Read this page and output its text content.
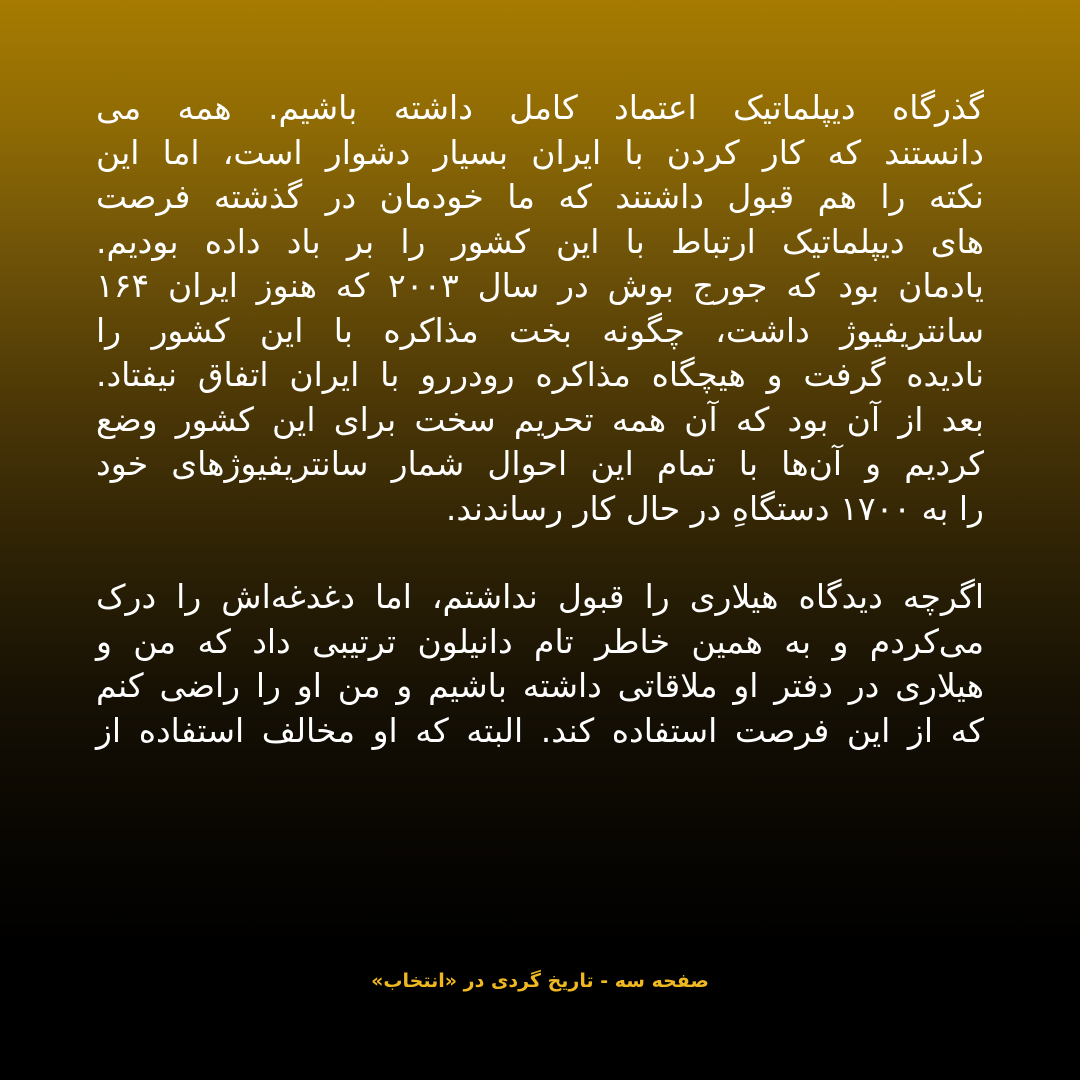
گذرگاه دیپلماتیک اعتماد کامل داشته باشیم. همه می
دانستند که کار کردن با ایران بسیار دشوار است، اما این
نکته را هم قبول داشتند که ما خودمان در گذشته فرصت
های دیپلماتیک ارتباط با این کشور را بر باد داده بودیم.
یادمان بود که جورج بوش در سال ۲۰۰۳ که هنوز ایران ۱۶۴
سانتریفیوژ داشت، چگونه بخت مذاکره با این کشور را
نادیده گرفت و هیچگاه مذاکره رودررو با ایران اتفاق نیفتاد.
بعد از آن بود که آن همه تحریم سخت برای این کشور وضع
کردیم و آن‌ها با تمام این احوال شمار سانتریفیوژهای خود
را به ۱۷۰۰ دستگاهِ در حال کار رساندند.
اگرچه دیدگاه هیلاری را قبول نداشتم، اما دغدغه‌اش را درک
می‌کردم و به همین خاطر تام دانیلون ترتیبی داد که من و
هیلاری در دفتر او ملاقاتی داشته باشیم و من او را راضی کنم
که از این فرصت استفاده کند. البته که او مخالف استفاده از
صفحه سه - تاریخ گردی در «انتخاب»
